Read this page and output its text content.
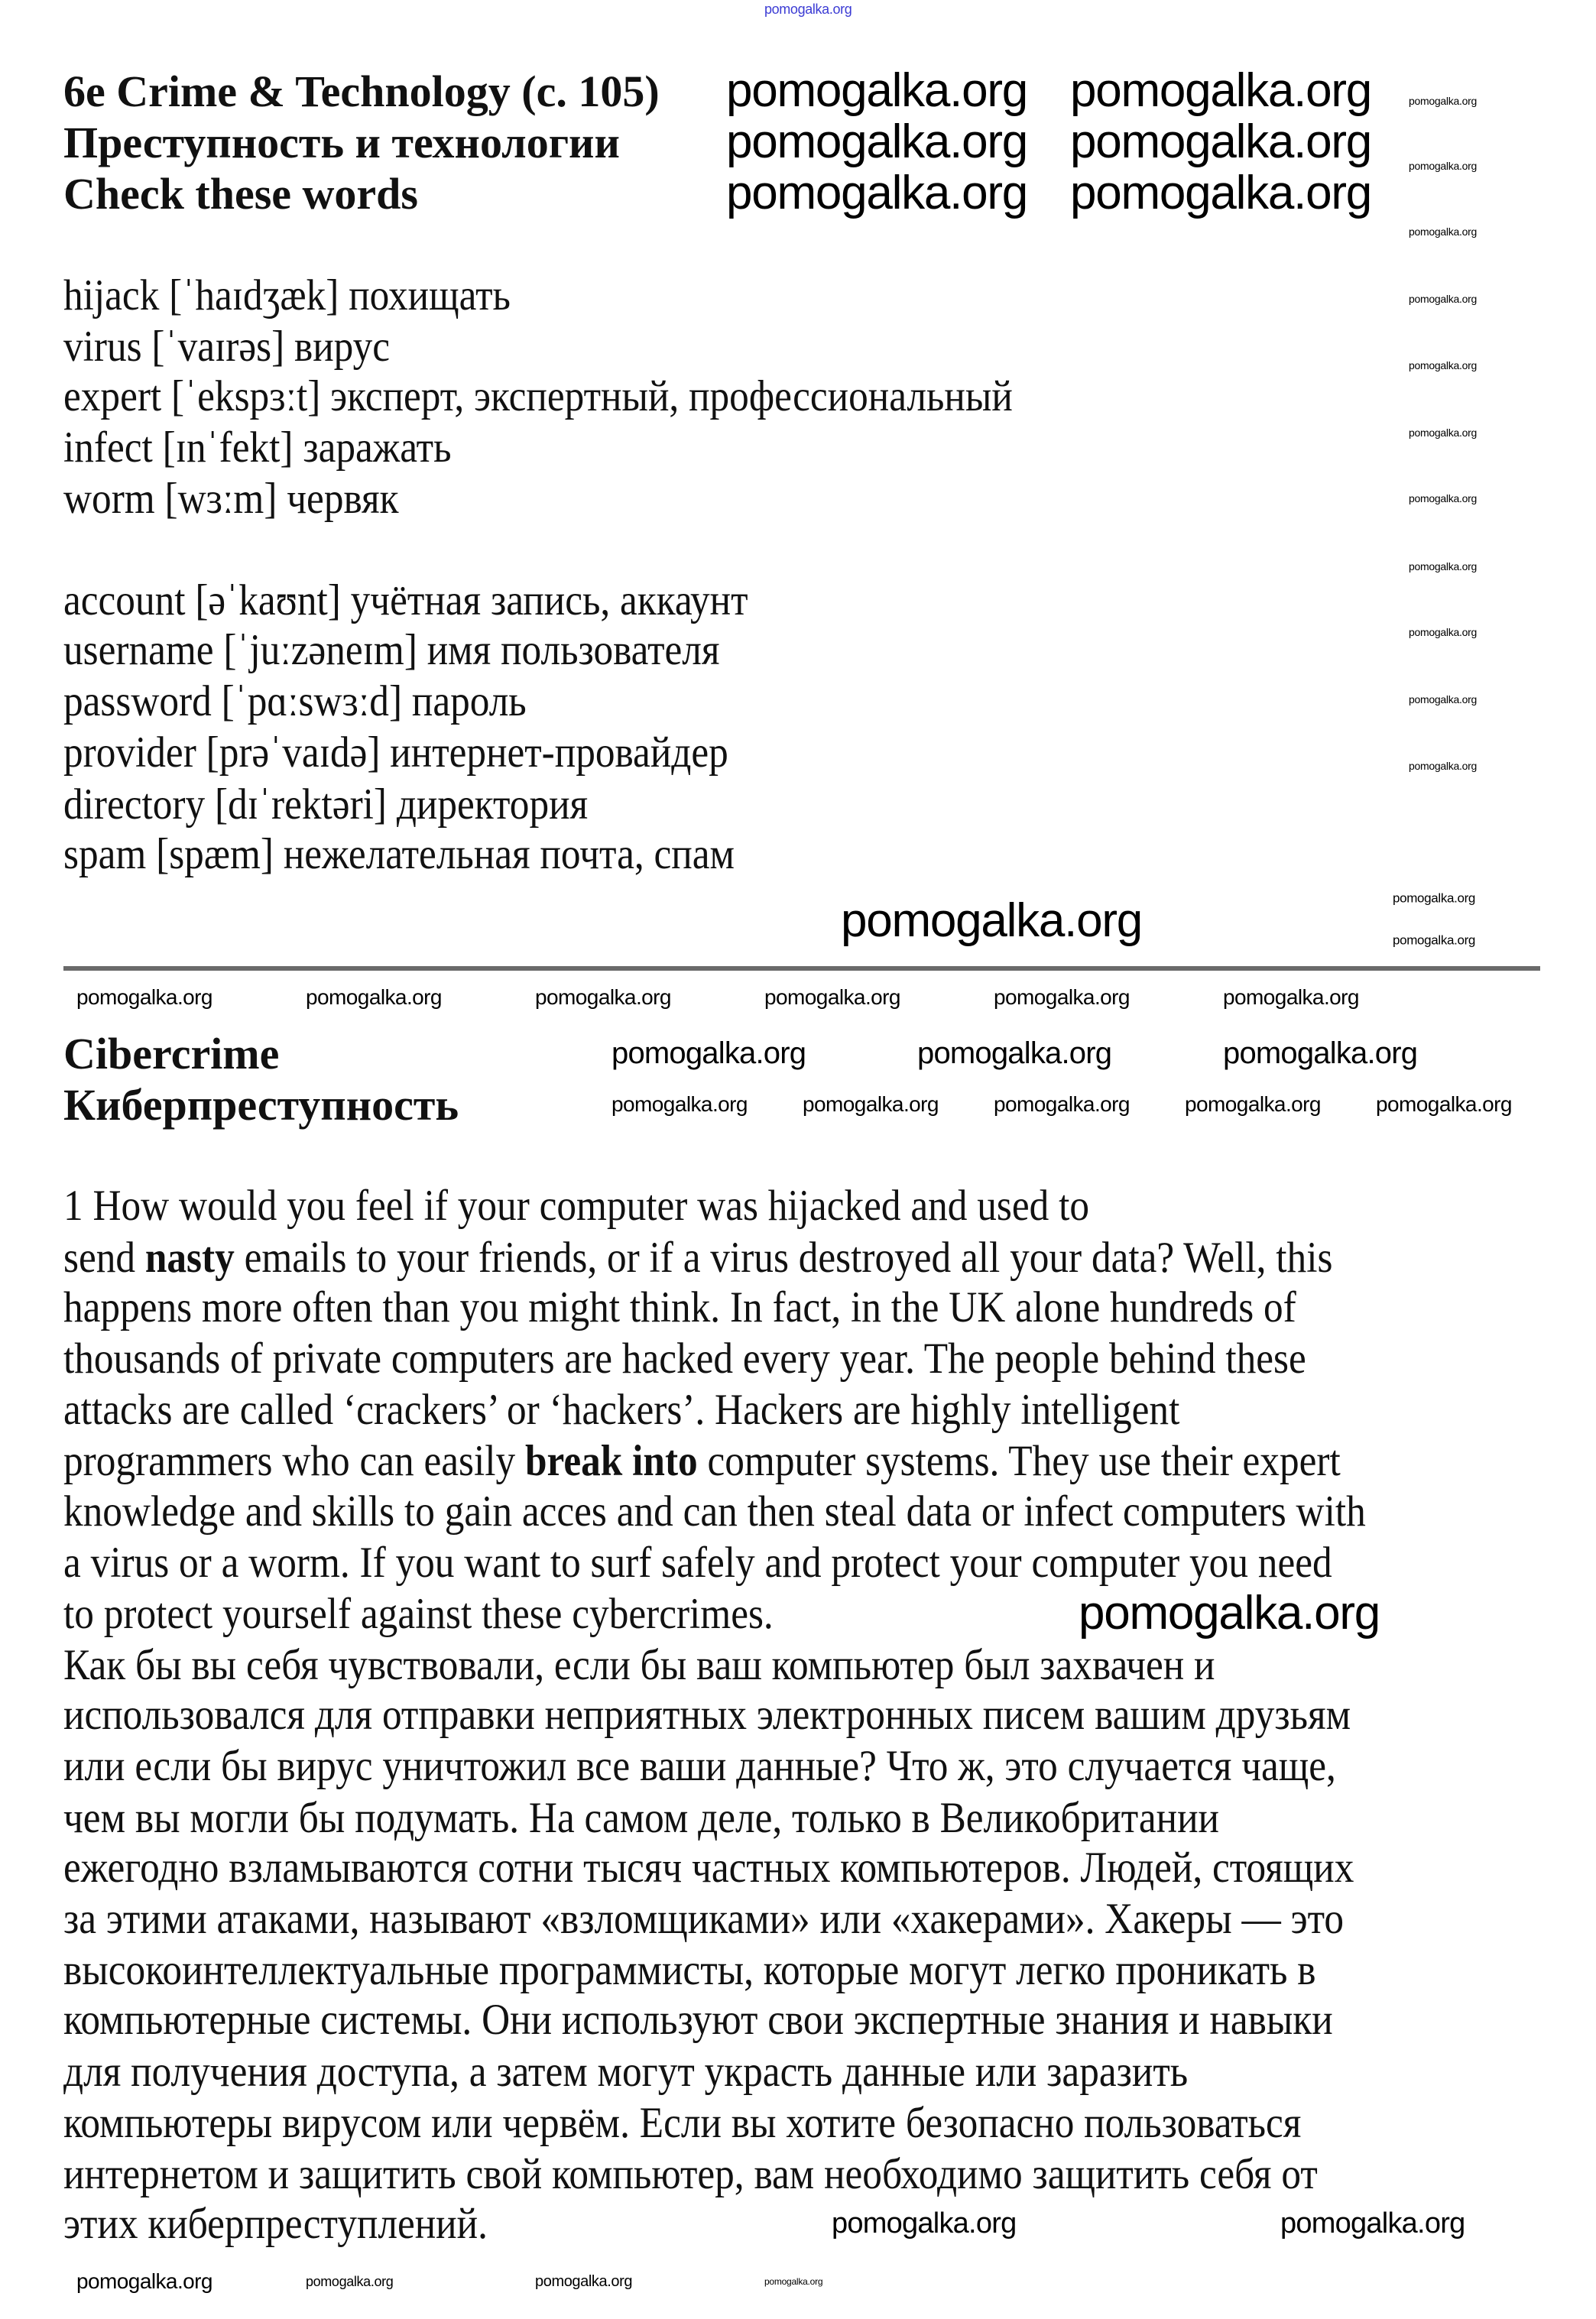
6e Crime & Technology (c. 105)
Преступность и технологии
Check these words
hijack [ˈhaɪdʒæk] похищать
virus [ˈvaɪrəs] вирус
expert [ˈekspɜːt] эксперт, экспертный, профессиональный
infect [ɪnˈfekt] заражать
worm [wɜːm] червяк
account [əˈkaʊnt] учётная запись, аккаунт
username [ˈjuːzəneɪm] имя пользователя
password [ˈpɑːswɜːd] пароль
provider [prəˈvaɪdə] интернет-провайдер
directory [dɪˈrektəri] директория
spam [spæm] нежелательная почта, спам
Cibercrime
Киберпреступность
1 How would you feel if your computer was hijacked and used to
send nasty emails to your friends, or if a virus destroyed all your data? Well, this
happens more often than you might think. In fact, in the UK alone hundreds of
thousands of private computers are hacked every year. The people behind these
attacks are called ‘crackers’ or ‘hackers’. Hackers are highly intelligent
programmers who can easily break into computer systems. They use their expert
knowledge and skills to gain acces and can then steal data or infect computers with
a virus or a worm. If you want to surf safely and protect your computer you need
to protect yourself against these cybercrimes.
Как бы вы себя чувствовали, если бы ваш компьютер был захвачен и
использовался для отправки неприятных электронных писем вашим друзьям
или если бы вирус уничтожил все ваши данные? Что ж, это случается чаще,
чем вы могли бы подумать. На самом деле, только в Великобритании
ежегодно взламываются сотни тысяч частных компьютеров. Людей, стоящих
за этими атаками, называют «взломщиками» или «хакерами». Хакеры — это
высокоинтеллектуальные программисты, которые могут легко проникать в
компьютерные системы. Они используют свои экспертные знания и навыки
для получения доступа, а затем могут украсть данные или заразить
компьютеры вирусом или червём. Если вы хотите безопасно пользоваться
интернетом и защитить свой компьютер, вам необходимо защитить себя от
этих киберпреступлений.
pomogalka.org
pomogalka.org pomogalka.org
pomogalka.org pomogalka.org
pomogalka.org pomogalka.org
pomogalka.org
pomogalka.org
pomogalka.org	pomogalka.org	pomogalka.org
pomogalka.org
pomogalka.org
pomogalka.org
pomogalka.org
pomogalka.org
pomogalka.org
pomogalka.org
pomogalka.org
pomogalka.org
pomogalka.org
pomogalka.org
pomogalka.org
pomogalka.org
pomogalka.org	pomogalka.org	pomogalka.org	pomogalka.org	pomogalka.org	pomogalka.org
pomogalka.org	pomogalka.org	pomogalka.org	pomogalka.org	pomogalka.org
pomogalka.org	pomogalka.org	pomogalka.org	pomogalka.org
pomogalka.org	pomogalka.org
